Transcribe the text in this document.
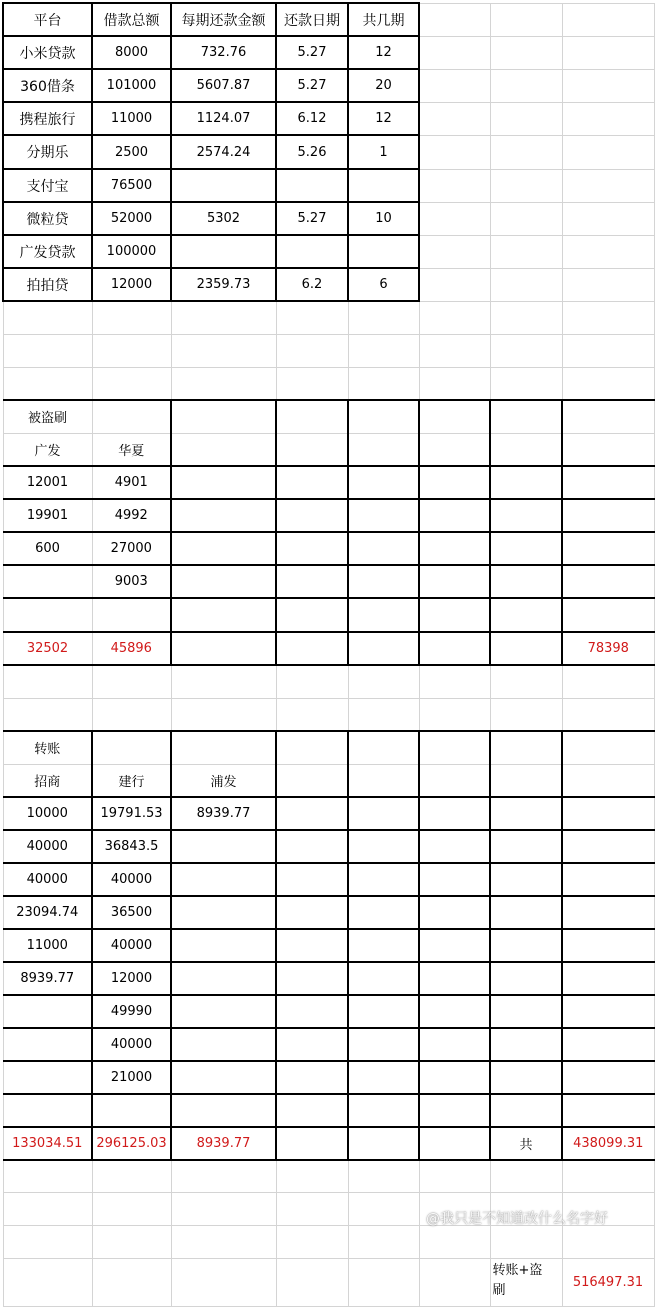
平台	借款总额	每期还款金额	还款日期	共几期			
小米贷款	8000	732.76	5.27	12			
360借条	101000	5607.87	5.27	20			
携程旅行	11000	1124.07	6.12	12			
分期乐	2500	2574.24	5.26	1			
支付宝	76500						
微粒贷	52000	5302	5.27	10			
广发贷款	100000						
拍拍贷	12000	2359.73	6.2	6			

被盗刷							
广发	华夏						
12001	4901						
19901	4992						
600	27000						
	9003						

32502	45896						78398

转账							
招商	建行	浦发					
10000	19791.53	8939.77					
40000	36843.5						
40000	40000						
23094.74	36500						
11000	40000						
8939.77	12000						
	49990						
	40000						
	21000						

133034.51	296125.03	8939.77				共	438099.31

						转账+盗刷	516497.31
@我只是不知道改什么名字好
